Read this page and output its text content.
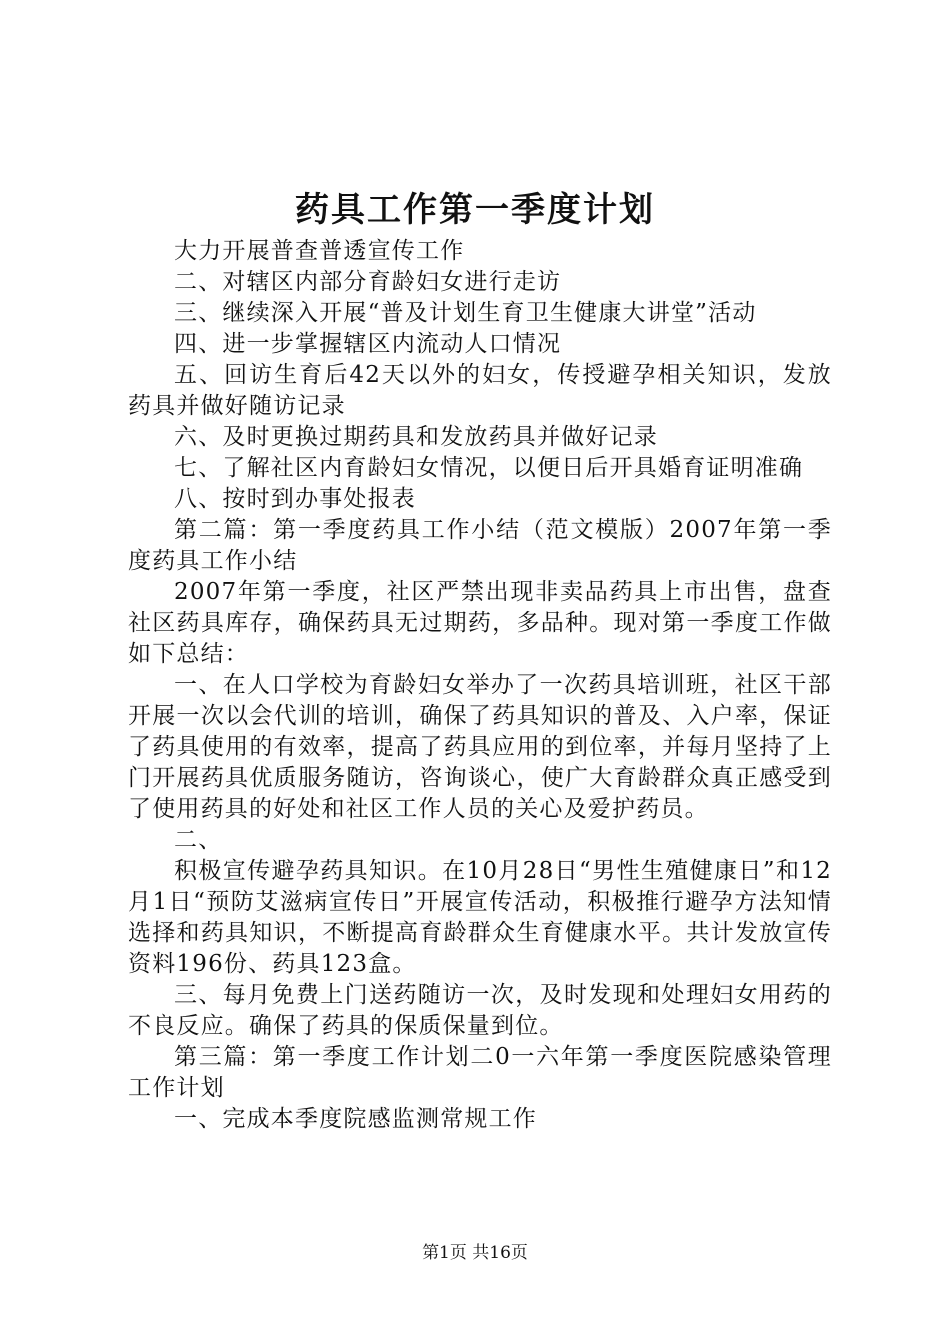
药具工作第一季度计划

大力开展普查普透宣传工作

二、对辖区内部分育龄妇女进行走访

三、继续深入开展“普及计划生育卫生健康大讲堂”活动

四、进一步掌握辖区内流动人口情况

五、回访生育后42天以外的妇女，传授避孕相关知识，发放药具并做好随访记录

六、及时更换过期药具和发放药具并做好记录

七、了解社区内育龄妇女情况，以便日后开具婚育证明准确

八、按时到办事处报表

第二篇：第一季度药具工作小结（范文模版）2007年第一季度药具工作小结

2007年第一季度，社区严禁出现非卖品药具上市出售，盘查社区药具库存，确保药具无过期药，多品种。现对第一季度工作做如下总结：

一、在人口学校为育龄妇女举办了一次药具培训班，社区干部开展一次以会代训的培训，确保了药具知识的普及、入户率，保证了药具使用的有效率，提高了药具应用的到位率，并每月坚持了上门开展药具优质服务随访，咨询谈心，使广大育龄群众真正感受到了使用药具的好处和社区工作人员的关心及爱护药员。

二、

积极宣传避孕药具知识。在10月28日“男性生殖健康日”和12月1日“预防艾滋病宣传日”开展宣传活动，积极推行避孕方法知情选择和药具知识，不断提高育龄群众生育健康水平。共计发放宣传资料196份、药具123盒。

三、每月免费上门送药随访一次，及时发现和处理妇女用药的不良反应。确保了药具的保质保量到位。

第三篇：第一季度工作计划二0一六年第一季度医院感染管理工作计划

一、完成本季度院感监测常规工作

第1页 共16页
